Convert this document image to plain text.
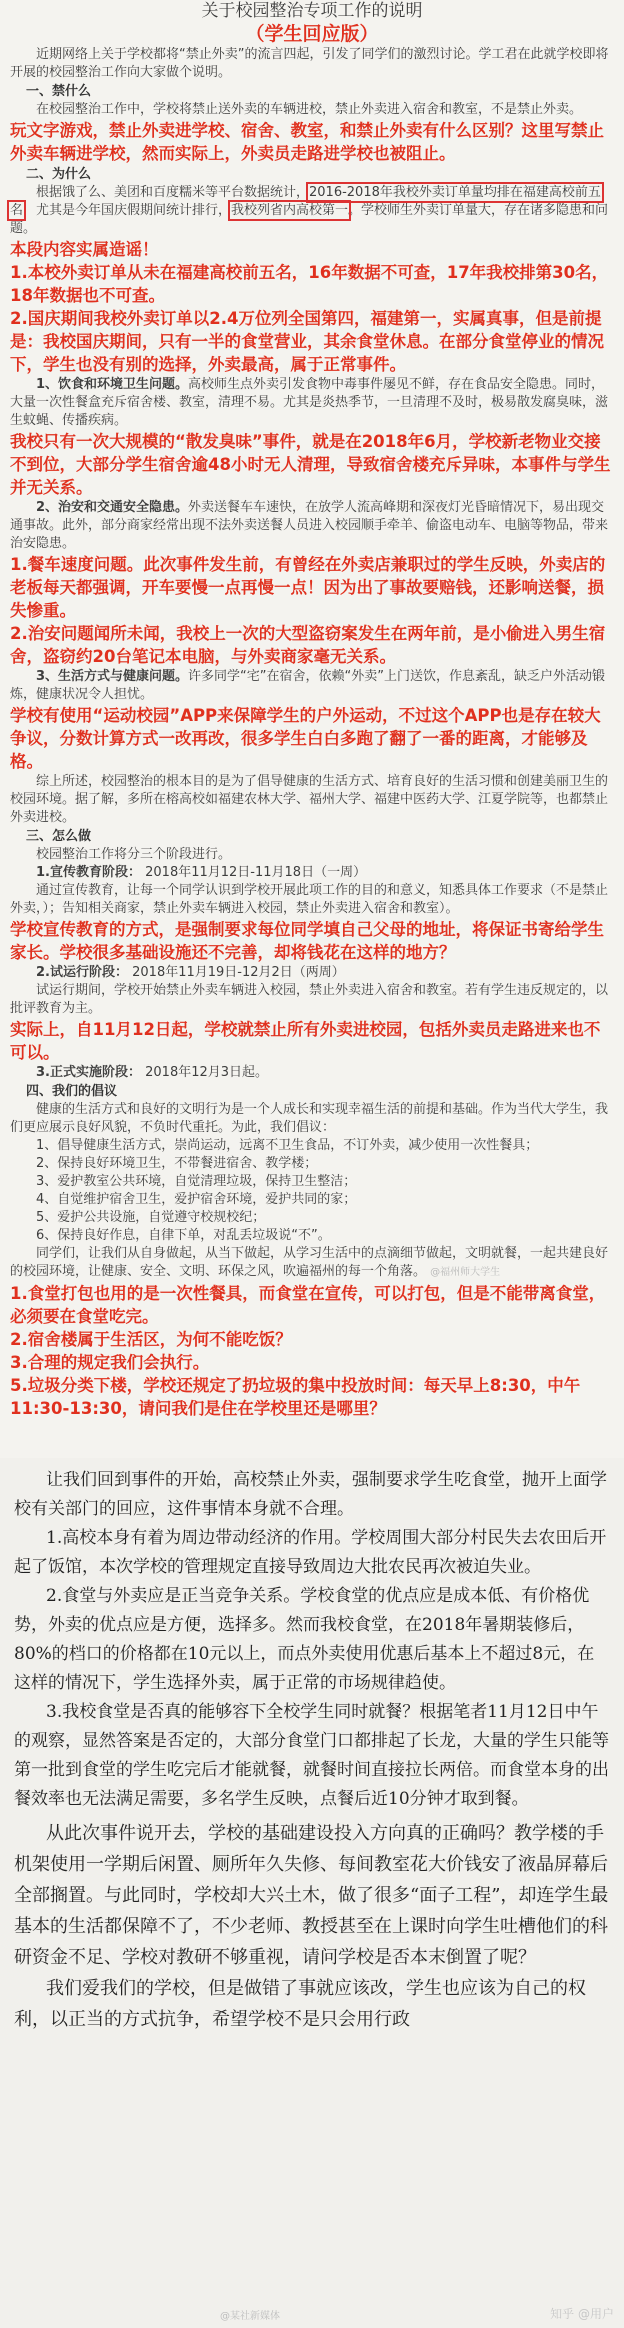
关于校园整治专项工作的说明

（学生回应版）

近期网络上关于学校都将“禁止外卖”的流言四起，引发了同学们的激烈讨论。学工君在此就学校即将开展的校园整治工作向大家做个说明。

一、禁什么

在校园整治工作中，学校将禁止送外卖的车辆进校，禁止外卖进入宿舍和教室，不是禁止外卖。

玩文字游戏，禁止外卖进学校、宿舍、教室，和禁止外卖有什么区别？这里写禁止外卖车辆进学校，然而实际上，外卖员走路进学校也被阻止。

二、为什么

根据饿了么、美团和百度糯米等平台数据统计，2016-2018年我校外卖订单量均排在福建高校前五名，尤其是今年国庆假期间统计排行，我校列省内高校第一。学校师生外卖订单量大，存在诸多隐患和问题。

本段内容实属造谣！

1.本校外卖订单从未在福建高校前五名，16年数据不可查，17年我校排第30名，18年数据也不可查。

2.国庆期间我校外卖订单以2.4万位列全国第四，福建第一，实属真事，但是前提是：我校国庆期间，只有一半的食堂营业，其余食堂休息。在部分食堂停业的情况下，学生也没有别的选择，外卖最高，属于正常事件。

1、饮食和环境卫生问题。高校师生点外卖引发食物中毒事件屡见不鲜，存在食品安全隐患。同时，大量一次性餐盒充斥宿舍楼、教室，清理不易。尤其是炎热季节，一旦清理不及时，极易散发腐臭味，滋生蚊蝇、传播疾病。

我校只有一次大规模的“散发臭味”事件，就是在2018年6月，学校新老物业交接不到位，大部分学生宿舍逾48小时无人清理，导致宿舍楼充斥异味，本事件与学生并无关系。

2、治安和交通安全隐患。外卖送餐车车速快，在放学人流高峰期和深夜灯光昏暗情况下，易出现交通事故。此外，部分商家经常出现不法外卖送餐人员进入校园顺手牵羊、偷盗电动车、电脑等物品，带来治安隐患。

1.餐车速度问题。此次事件发生前，有曾经在外卖店兼职过的学生反映，外卖店的老板每天都强调，开车要慢一点再慢一点！因为出了事故要赔钱，还影响送餐，损失惨重。

2.治安问题闻所未闻，我校上一次的大型盗窃案发生在两年前，是小偷进入男生宿舍，盗窃约20台笔记本电脑，与外卖商家毫无关系。

3、生活方式与健康问题。许多同学“宅”在宿舍，依赖“外卖”上门送饮，作息紊乱，缺乏户外活动锻炼，健康状况令人担忧。

学校有使用“运动校园”APP来保障学生的户外运动，不过这个APP也是存在较大争议，分数计算方式一改再改，很多学生白白多跑了翻了一番的距离，才能够及格。

综上所述，校园整治的根本目的是为了倡导健康的生活方式、培育良好的生活习惯和创建美丽卫生的校园环境。据了解，多所在榕高校如福建农林大学、福州大学、福建中医药大学、江夏学院等，也都禁止外卖进校。

三、怎么做

校园整治工作将分三个阶段进行。

1.宣传教育阶段： 2018年11月12日-11月18日（一周）

通过宣传教育，让每一个同学认识到学校开展此项工作的目的和意义，知悉具体工作要求（不是禁止外卖，）；告知相关商家，禁止外卖车辆进入校园，禁止外卖进入宿舍和教室）。

学校宣传教育的方式，是强制要求每位同学填自己父母的地址，将保证书寄给学生家长。学校很多基础设施还不完善，却将钱花在这样的地方？

2.试运行阶段： 2018年11月19日-12月2日（两周）

试运行期间，学校开始禁止外卖车辆进入校园，禁止外卖进入宿舍和教室。若有学生违反规定的，以批评教育为主。

实际上，自11月12日起，学校就禁止所有外卖进校园，包括外卖员走路进来也不可以。

3.正式实施阶段： 2018年12月3日起。

四、我们的倡议

健康的生活方式和良好的文明行为是一个人成长和实现幸福生活的前提和基础。作为当代大学生，我们更应展示良好风貌，不负时代重托。为此，我们倡议：

1、倡导健康生活方式，崇尚运动，远离不卫生食品，不订外卖，减少使用一次性餐具；

2、保持良好环境卫生，不带餐进宿舍、教学楼；

3、爱护教室公共环境，自觉清理垃圾，保持卫生整洁；

4、自觉维护宿舍卫生，爱护宿舍环境，爱护共同的家；

5、爱护公共设施，自觉遵守校规校纪；

6、保持良好作息，自律下单，对乱丢垃圾说“不”。

同学们，让我们从自身做起，从当下做起，从学习生活中的点滴细节做起，文明就餐，一起共建良好的校园环境，让健康、安全、文明、环保之风，吹遍福州的每一个角落。 @福州师大学生

1.食堂打包也用的是一次性餐具，而食堂在宣传，可以打包，但是不能带离食堂，必须要在食堂吃完。

2.宿舍楼属于生活区，为何不能吃饭？

3.合理的规定我们会执行。

5.垃圾分类下楼，学校还规定了扔垃圾的集中投放时间：每天早上8:30，中午11:30-13:30，请问我们是住在学校里还是哪里？

让我们回到事件的开始，高校禁止外卖，强制要求学生吃食堂，抛开上面学校有关部门的回应，这件事情本身就不合理。

1.高校本身有着为周边带动经济的作用。学校周围大部分村民失去农田后开起了饭馆，本次学校的管理规定直接导致周边大批农民再次被迫失业。

2.食堂与外卖应是正当竞争关系。学校食堂的优点应是成本低、有价格优势，外卖的优点应是方便，选择多。然而我校食堂，在2018年暑期装修后，80%的档口的价格都在10元以上，而点外卖使用优惠后基本上不超过8元，在这样的情况下，学生选择外卖，属于正常的市场规律趋使。

3.我校食堂是否真的能够容下全校学生同时就餐？根据笔者11月12日中午的观察，显然答案是否定的，大部分食堂门口都排起了长龙，大量的学生只能等第一批到食堂的学生吃完后才能就餐，就餐时间直接拉长两倍。而食堂本身的出餐效率也无法满足需要，多名学生反映，点餐后近10分钟才取到餐。

从此次事件说开去，学校的基础建设投入方向真的正确吗？教学楼的手机架使用一学期后闲置、厕所年久失修、每间教室花大价钱安了液晶屏幕后全部搁置。与此同时，学校却大兴土木，做了很多“面子工程”，却连学生最基本的生活都保障不了，不少老师、教授甚至在上课时向学生吐槽他们的科研资金不足、学校对教研不够重视，请问学校是否本末倒置了呢？

我们爱我们的学校，但是做错了事就应该改，学生也应该为自己的权利，以正当的方式抗争，希望学校不是只会用行政

@某社新媒体	知乎 @用户
